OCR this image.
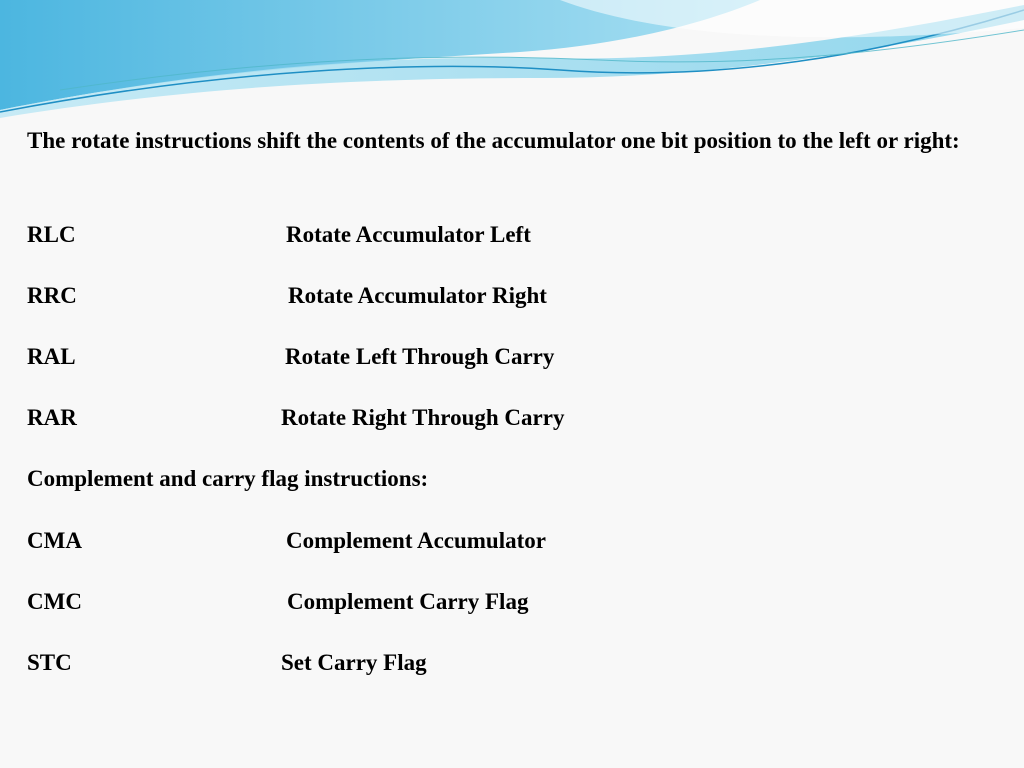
The rotate instructions shift the contents of the accumulator one bit position to the left or right:

RLC	Rotate Accumulator Left
RRC	Rotate Accumulator Right
RAL	Rotate Left Through Carry
RAR	Rotate Right Through Carry
Complement and carry flag instructions:
CMA	Complement Accumulator
CMC	Complement Carry Flag
STC	Set Carry Flag
